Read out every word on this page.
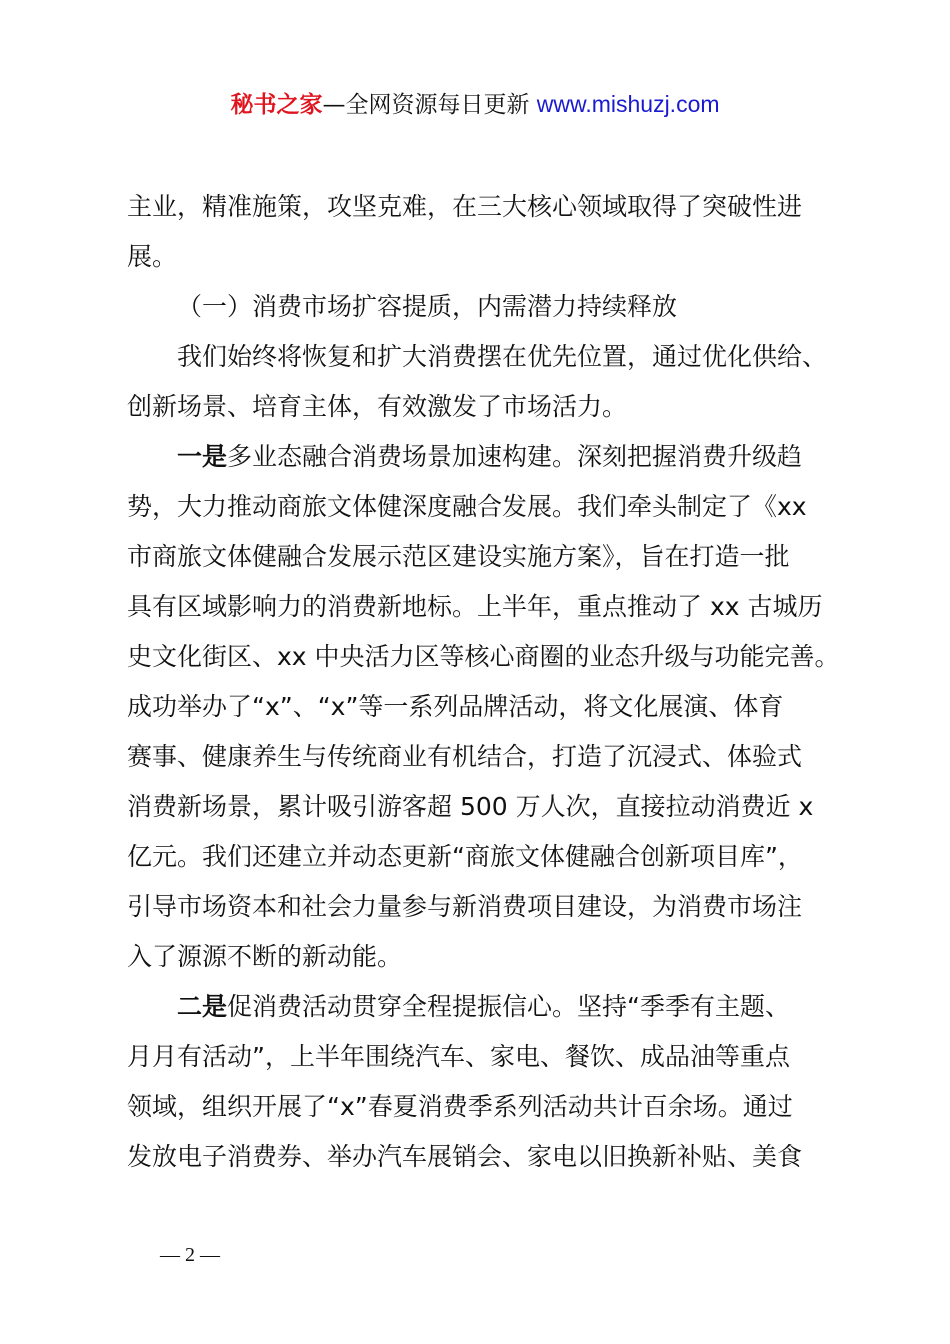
秘书之家—全网资源每日更新 www.mishuzj.com
主业，精准施策，攻坚克难，在三大核心领域取得了突破性进
展。
（一）消费市场扩容提质，内需潜力持续释放
我们始终将恢复和扩大消费摆在优先位置，通过优化供给、
创新场景、培育主体，有效激发了市场活力。
一是多业态融合消费场景加速构建。深刻把握消费升级趋
势，大力推动商旅文体健深度融合发展。我们牵头制定了《xx
市商旅文体健融合发展示范区建设实施方案》，旨在打造一批
具有区域影响力的消费新地标。上半年，重点推动了 xx 古城历
史文化街区、xx 中央活力区等核心商圈的业态升级与功能完善。
成功举办了“x”、“x”等一系列品牌活动，将文化展演、体育
赛事、健康养生与传统商业有机结合，打造了沉浸式、体验式
消费新场景，累计吸引游客超 500 万人次，直接拉动消费近 x
亿元。我们还建立并动态更新“商旅文体健融合创新项目库”，
引导市场资本和社会力量参与新消费项目建设，为消费市场注
入了源源不断的新动能。
二是促消费活动贯穿全程提振信心。坚持“季季有主题、
月月有活动”，上半年围绕汽车、家电、餐饮、成品油等重点
领域，组织开展了“x”春夏消费季系列活动共计百余场。通过
发放电子消费券、举办汽车展销会、家电以旧换新补贴、美食
— 2 —
